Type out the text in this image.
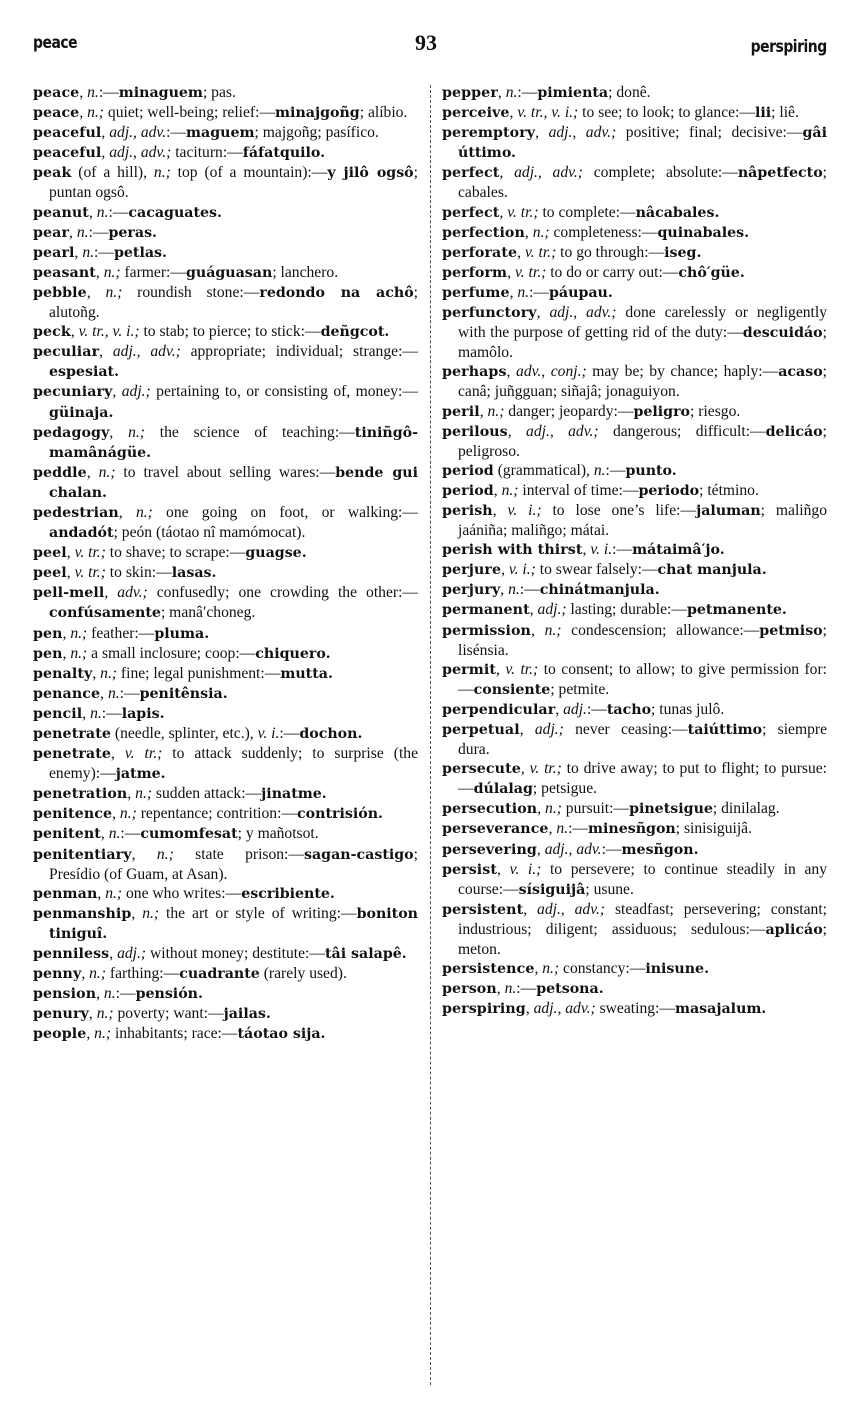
peace	93	perspiring

peace, n.:—minaguem; pas.

peace, n.; quiet; well-being; relief:—minajgoñg; alíbio.

peaceful, adj., adv.:—maguem; majgoñg; pasífico.

peaceful, adj., adv.; taciturn:—fáfatquilo.

peak (of a hill), n.; top (of a mountain):—y jilô ogsô; puntan ogsô.

peanut, n.:—cacaguates.

pear, n.:—peras.

pearl, n.:—petlas.

peasant, n.; farmer:—guáguasan; lanchero.

pebble, n.; roundish stone:—redondo na achô; alutoñg.

peck, v. tr., v. i.; to stab; to pierce; to stick:—deñgcot.

peculiar, adj., adv.; appropriate; individual; strange:—espesiat.

pecuniary, adj.; pertaining to, or consisting of, money:—güinaja.

pedagogy, n.; the science of teaching:—tiniñgô-mamânágüe.

peddle, n.; to travel about selling wares:—bende gui chalan.

pedestrian, n.; one going on foot, or walking:—andadót; peón (táotao nî mamómocat).

peel, v. tr.; to shave; to scrape:—guagse.

peel, v. tr.; to skin:—lasas.

pell-mell, adv.; confusedly; one crowding the other:—confúsamente; manâ′choneg.

pen, n.; feather:—pluma.

pen, n.; a small inclosure; coop:—chiquero.

penalty, n.; fine; legal punishment:—mutta.

penance, n.:—penitênsia.

pencil, n.:—lapis.

penetrate (needle, splinter, etc.), v. i.:—dochon.

penetrate, v. tr.; to attack suddenly; to surprise (the enemy):—jatme.

penetration, n.; sudden attack:—jinatme.

penitence, n.; repentance; contrition:—contrisión.

penitent, n.:—cumomfesat; y mañotsot.

penitentiary, n.; state prison:—sagan-castigo; Presídio (of Guam, at Asan).

penman, n.; one who writes:—escribiente.

penmanship, n.; the art or style of writing:—boniton tiniguî.

penniless, adj.; without money; destitute:—tâi salapê.

penny, n.; farthing:—cuadrante (rarely used).

pension, n.:—pensión.

penury, n.; poverty; want:—jailas.

people, n.; inhabitants; race:—táotao sija.

pepper, n.:—pimienta; donê.

perceive, v. tr., v. i.; to see; to look; to glance:—lii; liê.

peremptory, adj., adv.; positive; final; decisive:—gâi úttimo.

perfect, adj., adv.; complete; absolute:—nâpetfecto; cabales.

perfect, v. tr.; to complete:—nâcabales.

perfection, n.; completeness:—quinabales.

perforate, v. tr.; to go through:—iseg.

perform, v. tr.; to do or carry out:—chô′güe.

perfume, n.:—páupau.

perfunctory, adj., adv.; done carelessly or negligently with the purpose of getting rid of the duty:—descuidáo; mamôlo.

perhaps, adv., conj.; may be; by chance; haply:—acaso; canâ; juñgguan; siñajâ; jonaguiyon.

peril, n.; danger; jeopardy:—peligro; riesgo.

perilous, adj., adv.; dangerous; difficult:—delicáo; peligroso.

period (grammatical), n.:—punto.

period, n.; interval of time:—periodo; tétmino.

perish, v. i.; to lose one’s life:—jaluman; maliñgo jaániña; maliñgo; mátai.

perish with thirst, v. i.:—mátaimâ′jo.

perjure, v. i.; to swear falsely:—chat manjula.

perjury, n.:—chinátmanjula.

permanent, adj.; lasting; durable:—petmanente.

permission, n.; condescension; allowance:—petmiso; lisénsia.

permit, v. tr.; to consent; to allow; to give permission for:—consiente; petmite.

perpendicular, adj.:—tacho; tunas julô.

perpetual, adj.; never ceasing:—taiúttimo; siempre dura.

persecute, v. tr.; to drive away; to put to flight; to pursue:—dúlalag; petsigue.

persecution, n.; pursuit:—pinetsigue; dinilalag.

perseverance, n.:—minesñgon; sinisiguijâ.

persevering, adj., adv.:—mesñgon.

persist, v. i.; to persevere; to continue steadily in any course:—sísiguijâ; usune.

persistent, adj., adv.; steadfast; persevering; constant; industrious; diligent; assiduous; sedulous:—aplicáo; meton.

persistence, n.; constancy:—inisune.

person, n.:—petsona.

perspiring, adj., adv.; sweating:—masajalum.
